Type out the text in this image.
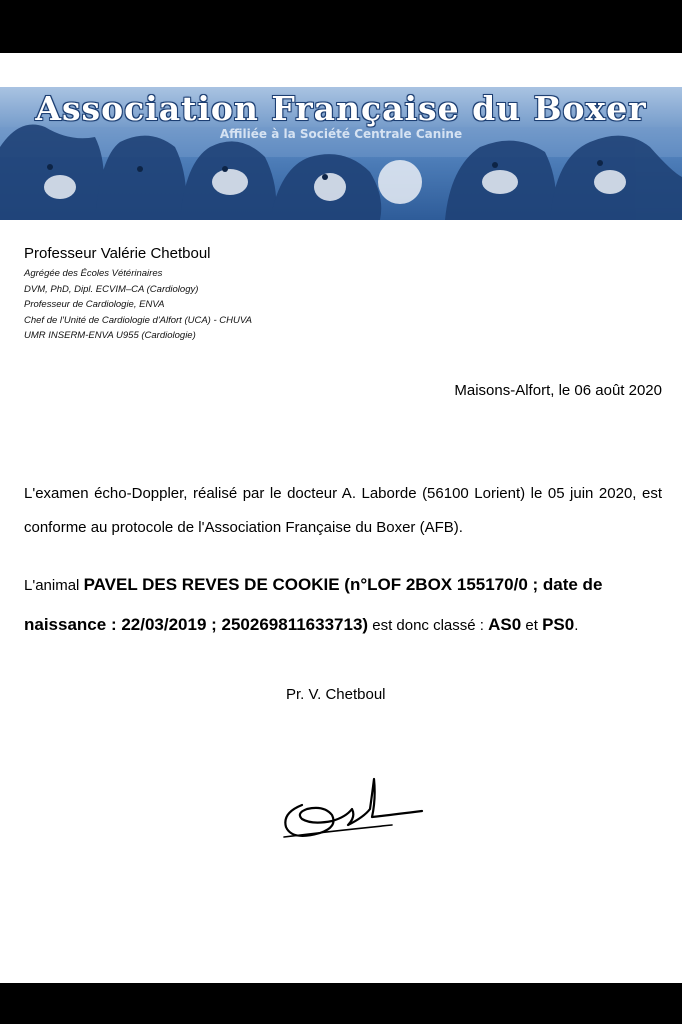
Association Française du Boxer
Affiliée à la Société Centrale Canine
Professeur Valérie Chetboul
Agrégée des Écoles Vétérinaires
DVM, PhD, Dipl. ECVIM–CA (Cardiology)
Professeur de Cardiologie, ENVA
Chef de l'Unité de Cardiologie d'Alfort (UCA) - CHUVA
UMR INSERM-ENVA U955 (Cardiologie)
Maisons-Alfort, le 06 août 2020
L'examen écho-Doppler, réalisé par le docteur A. Laborde (56100 Lorient) le 05 juin 2020, est conforme au protocole de l'Association Française du Boxer (AFB).
L'animal PAVEL DES REVES DE COOKIE (n°LOF 2BOX 155170/0 ; date de naissance : 22/03/2019 ; 250269811633713) est donc classé : AS0 et PS0.
Pr. V. Chetboul
